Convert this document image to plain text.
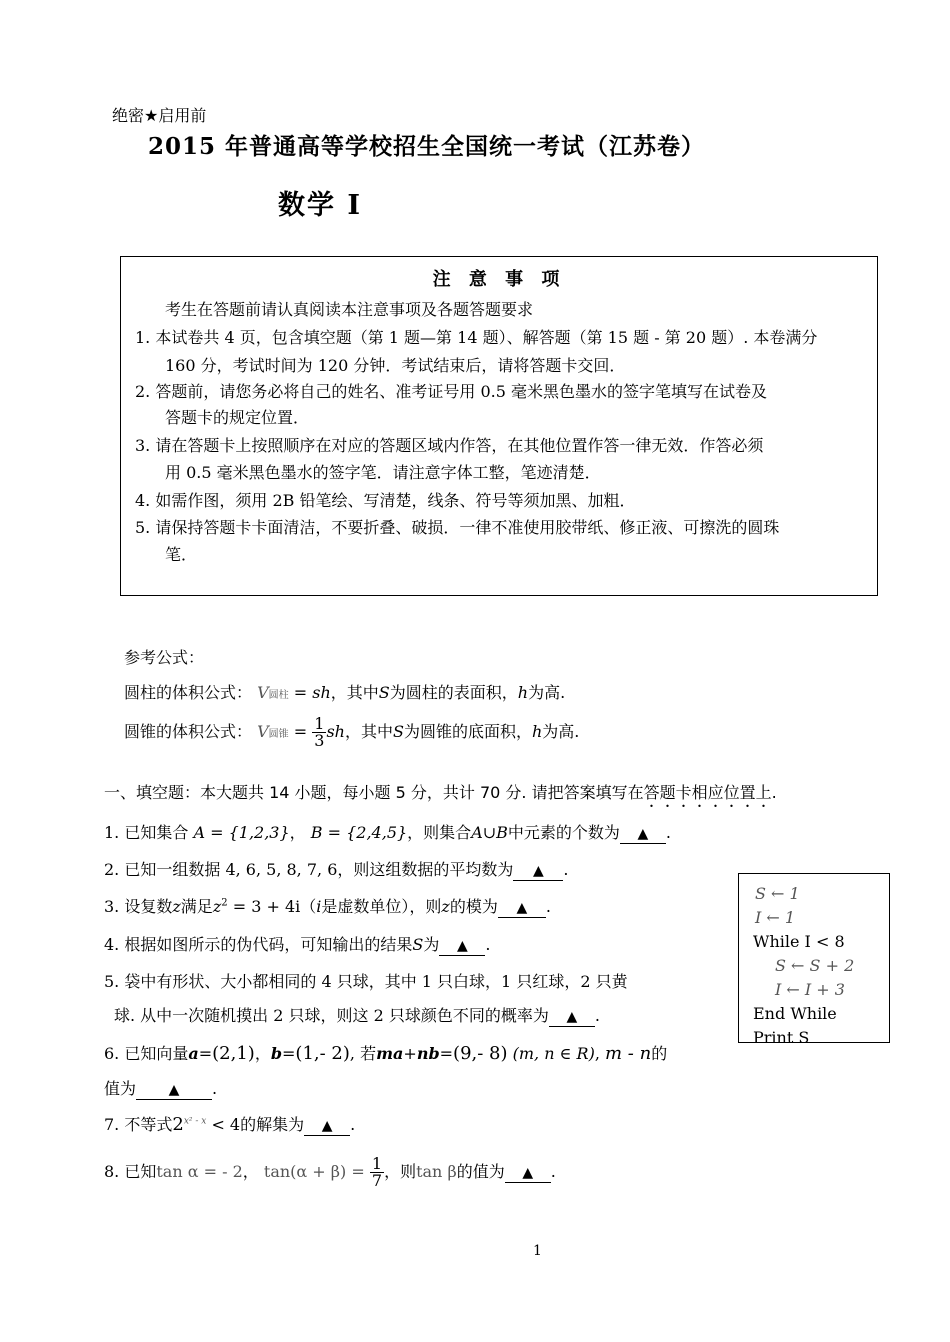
绝密★启用前
2015 年普通高等学校招生全国统一考试（江苏卷）
数学 I
注 意 事 项
考生在答题前请认真阅读本注意事项及各题答题要求
1. 本试卷共 4 页，包含填空题（第 1 题—第 14 题）、解答题（第 15 题 - 第 20 题）. 本卷满分
160 分，考试时间为 120 分钟．考试结束后，请将答题卡交回．
2. 答题前，请您务必将自己的姓名、准考证号用 0.5 毫米黑色墨水的签字笔填写在试卷及
答题卡的规定位置．
3. 请在答题卡上按照顺序在对应的答题区域内作答，在其他位置作答一律无效．作答必须
用 0.5 毫米黑色墨水的签字笔．请注意字体工整，笔迹清楚．
4. 如需作图，须用 2B 铅笔绘、写清楚，线条、符号等须加黑、加粗．
5. 请保持答题卡卡面清洁，不要折叠、破损．一律不准使用胶带纸、修正液、可擦洗的圆珠
笔．
参考公式：
圆柱的体积公式： V圆柱 = sh，其中S为圆柱的表面积，h为高.
圆锥的体积公式： V圆锥 = $\frac{1}{3}$ sh，其中S为圆锥的底面积，h为高.
一、填空题：本大题共 14 小题，每小题 5 分，共计 70 分. 请把答案填写在答题卡相应位置上.
1. 已知集合 A = {1,2,3}， B = {2,4,5}，则集合A∪B中元素的个数为 ▲ .
2. 已知一组数据 4, 6, 5, 8, 7, 6，则这组数据的平均数为 ▲ .
3. 设复数z满足$z^2 = 3 + 4i(i$是虚数单位），则z的模为 ▲ .
4. 根据如图所示的伪代码，可知输出的结果S为 ▲ .
5. 袋中有形状、大小都相同的 4 只球，其中 1 只白球，1 只红球，2 只黄
球. 从中一次随机摸出 2 只球，则这 2 只球颜色不同的概率为 ▲ .
6. 已知向量a=(2,1)，b=(1,- 2), 若ma+nb=(9,- 8) (m, n ∈ R), m - n的
值为 ▲ .
7. 不等式$2^{x^2 - x} < 4$的解集为 ▲ .
8. 已知tan α = - 2， $\tan(\alpha + \beta) = \frac{1}{7}$ ，则tan β的值为 ▲ .
S ← 1
I ← 1
While I < 8
S ← S + 2
I ← I + 3
End While
Print S
1
